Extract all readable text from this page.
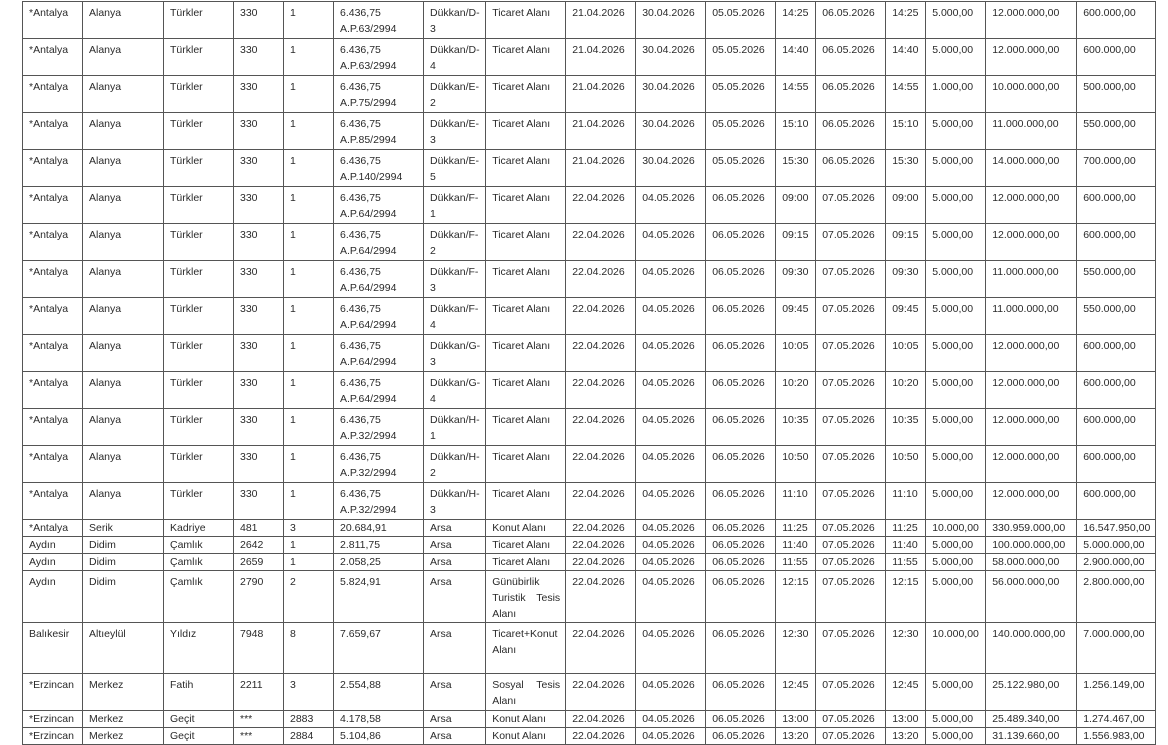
*Antalya	Alanya	Türkler	330	1	6.436,75 A.P.63/2994	Dükkan/D-3	Ticaret Alanı	21.04.2026	30.04.2026	05.05.2026	14:25	06.05.2026	14:25	5.000,00	12.000.000,00	600.000,00
*Antalya	Alanya	Türkler	330	1	6.436,75 A.P.63/2994	Dükkan/D-4	Ticaret Alanı	21.04.2026	30.04.2026	05.05.2026	14:40	06.05.2026	14:40	5.000,00	12.000.000,00	600.000,00
*Antalya	Alanya	Türkler	330	1	6.436,75 A.P.75/2994	Dükkan/E-2	Ticaret Alanı	21.04.2026	30.04.2026	05.05.2026	14:55	06.05.2026	14:55	1.000,00	10.000.000,00	500.000,00
*Antalya	Alanya	Türkler	330	1	6.436,75 A.P.85/2994	Dükkan/E-3	Ticaret Alanı	21.04.2026	30.04.2026	05.05.2026	15:10	06.05.2026	15:10	5.000,00	11.000.000,00	550.000,00
*Antalya	Alanya	Türkler	330	1	6.436,75 A.P.140/2994	Dükkan/E-5	Ticaret Alanı	21.04.2026	30.04.2026	05.05.2026	15:30	06.05.2026	15:30	5.000,00	14.000.000,00	700.000,00
*Antalya	Alanya	Türkler	330	1	6.436,75 A.P.64/2994	Dükkan/F-1	Ticaret Alanı	22.04.2026	04.05.2026	06.05.2026	09:00	07.05.2026	09:00	5.000,00	12.000.000,00	600.000,00
*Antalya	Alanya	Türkler	330	1	6.436,75 A.P.64/2994	Dükkan/F-2	Ticaret Alanı	22.04.2026	04.05.2026	06.05.2026	09:15	07.05.2026	09:15	5.000,00	12.000.000,00	600.000,00
*Antalya	Alanya	Türkler	330	1	6.436,75 A.P.64/2994	Dükkan/F-3	Ticaret Alanı	22.04.2026	04.05.2026	06.05.2026	09:30	07.05.2026	09:30	5.000,00	11.000.000,00	550.000,00
*Antalya	Alanya	Türkler	330	1	6.436,75 A.P.64/2994	Dükkan/F-4	Ticaret Alanı	22.04.2026	04.05.2026	06.05.2026	09:45	07.05.2026	09:45	5.000,00	11.000.000,00	550.000,00
*Antalya	Alanya	Türkler	330	1	6.436,75 A.P.64/2994	Dükkan/G-3	Ticaret Alanı	22.04.2026	04.05.2026	06.05.2026	10:05	07.05.2026	10:05	5.000,00	12.000.000,00	600.000,00
*Antalya	Alanya	Türkler	330	1	6.436,75 A.P.64/2994	Dükkan/G-4	Ticaret Alanı	22.04.2026	04.05.2026	06.05.2026	10:20	07.05.2026	10:20	5.000,00	12.000.000,00	600.000,00
*Antalya	Alanya	Türkler	330	1	6.436,75 A.P.32/2994	Dükkan/H-1	Ticaret Alanı	22.04.2026	04.05.2026	06.05.2026	10:35	07.05.2026	10:35	5.000,00	12.000.000,00	600.000,00
*Antalya	Alanya	Türkler	330	1	6.436,75 A.P.32/2994	Dükkan/H-2	Ticaret Alanı	22.04.2026	04.05.2026	06.05.2026	10:50	07.05.2026	10:50	5.000,00	12.000.000,00	600.000,00
*Antalya	Alanya	Türkler	330	1	6.436,75 A.P.32/2994	Dükkan/H-3	Ticaret Alanı	22.04.2026	04.05.2026	06.05.2026	11:10	07.05.2026	11:10	5.000,00	12.000.000,00	600.000,00
*Antalya	Serik	Kadriye	481	3	20.684,91	Arsa	Konut Alanı	22.04.2026	04.05.2026	06.05.2026	11:25	07.05.2026	11:25	10.000,00	330.959.000,00	16.547.950,00
Aydın	Didim	Çamlık	2642	1	2.811,75	Arsa	Ticaret Alanı	22.04.2026	04.05.2026	06.05.2026	11:40	07.05.2026	11:40	5.000,00	100.000.000,00	5.000.000,00
Aydın	Didim	Çamlık	2659	1	2.058,25	Arsa	Ticaret Alanı	22.04.2026	04.05.2026	06.05.2026	11:55	07.05.2026	11:55	5.000,00	58.000.000,00	2.900.000,00
Aydın	Didim	Çamlık	2790	2	5.824,91	Arsa	Günübirlik Turistik Tesis Alanı	22.04.2026	04.05.2026	06.05.2026	12:15	07.05.2026	12:15	5.000,00	56.000.000,00	2.800.000,00
Balıkesir	Altıeylül	Yıldız	7948	8	7.659,67	Arsa	Ticaret+Konut Alanı	22.04.2026	04.05.2026	06.05.2026	12:30	07.05.2026	12:30	10.000,00	140.000.000,00	7.000.000,00
*Erzincan	Merkez	Fatih	2211	3	2.554,88	Arsa	Sosyal Tesis Alanı	22.04.2026	04.05.2026	06.05.2026	12:45	07.05.2026	12:45	5.000,00	25.122.980,00	1.256.149,00
*Erzincan	Merkez	Geçit	***	2883	4.178,58	Arsa	Konut Alanı	22.04.2026	04.05.2026	06.05.2026	13:00	07.05.2026	13:00	5.000,00	25.489.340,00	1.274.467,00
*Erzincan	Merkez	Geçit	***	2884	5.104,86	Arsa	Konut Alanı	22.04.2026	04.05.2026	06.05.2026	13:20	07.05.2026	13:20	5.000,00	31.139.660,00	1.556.983,00
